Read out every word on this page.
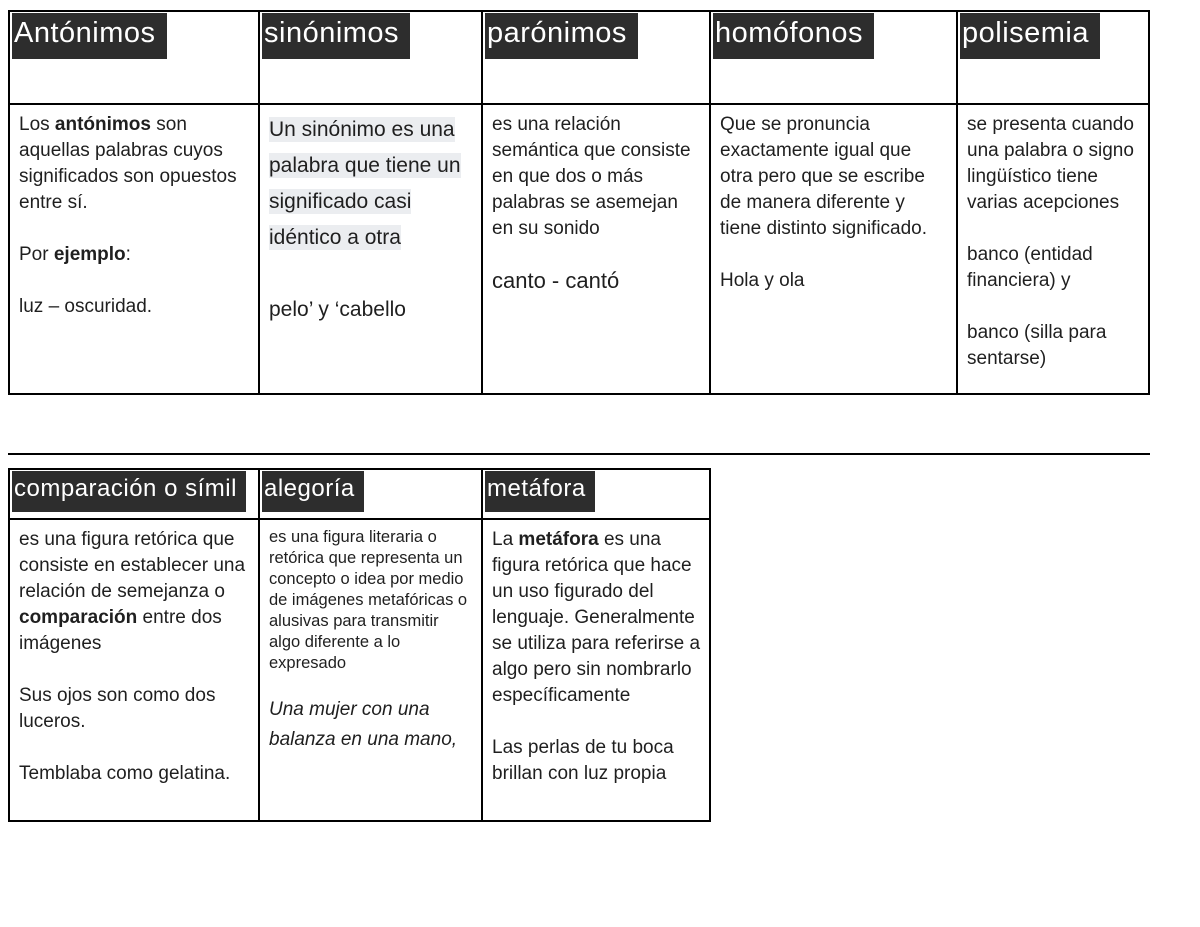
Antónimos

Los antónimos son aquellas palabras cuyos significados son opuestos entre sí.

Por ejemplo:

luz – oscuridad.

sinónimos

Un sinónimo es una palabra que tiene un significado casi idéntico a otra

pelo’ y ‘cabello

parónimos

es una relación semántica que consiste en que dos o más palabras se asemejan en su sonido

canto - cantó

homófonos

Que se pronuncia exactamente igual que otra pero que se escribe de manera diferente y tiene distinto significado.

Hola y ola

polisemia

se presenta cuando una palabra o signo lingüístico tiene varias acepciones

banco (entidad financiera) y

banco (silla para sentarse)

comparación o símil

es una figura retórica que consiste en establecer una relación de semejanza o comparación entre dos imágenes

Sus ojos son como dos luceros.

Temblaba como gelatina.

alegoría

es una figura literaria o retórica que representa un concepto o idea por medio de imágenes metafóricas o alusivas para transmitir algo diferente a lo expresado

Una mujer con una balanza en una mano,

metáfora

La metáfora es una figura retórica que hace un uso figurado del lenguaje. Generalmente se utiliza para referirse a algo pero sin nombrarlo específicamente

Las perlas de tu boca brillan con luz propia
